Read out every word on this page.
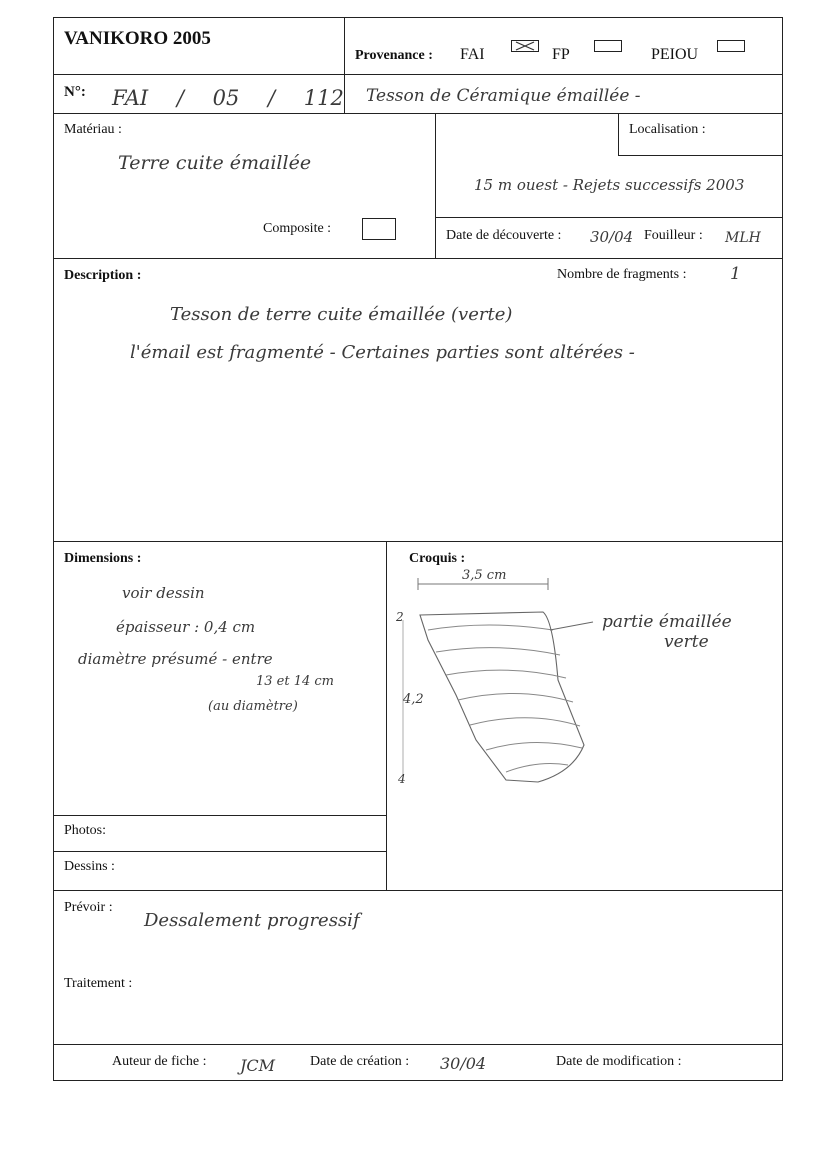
VANIKORO 2005
Provenance : FAI	FP	PEIOU
N°: FAI / 05 / 112 Tesson de Céramique émaillée -
Matériau :
Terre cuite émaillée
Composite :
Localisation :
15 m ouest - Rejets successifs 2003
Date de découverte : 30/04 Fouilleur : MLH
Description :	Nombre de fragments :	1
Tesson de terre cuite émaillée (verte)
l'émail est fragmenté - Certaines parties sont altérées -
Dimensions :
voir dessin
épaisseur : 0,4 cm
diamètre présumé - entre
13 et 14 cm
(au diamètre)
Croquis :
3,5 cm
2
4,2
4
partie émaillée
verte
Photos:
Dessins :
Prévoir :
Dessalement progressif
Traitement :
Auteur de fiche : JCM Date de création : 30/04	Date de modification :
